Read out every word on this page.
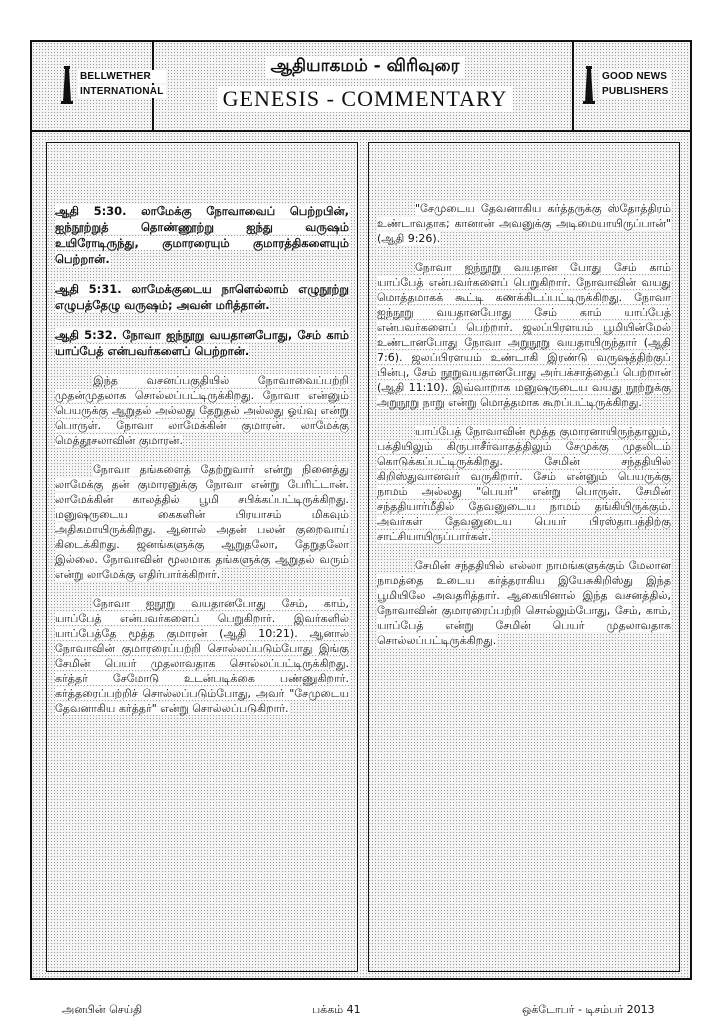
BELLWETHER
INTERNATIONAL
ஆதியாகமம் - விரிவுரை
GENESIS - COMMENTARY
GOOD NEWS
PUBLISHERS

ஆதி 5:30. லாமேக்கு நோவாவைப் பெற்றபின், ஐந்நூற்றுத் தொண்ணூற்று ஐந்து வருஷம் உயிரோடிருந்து, குமாரரையும் குமாரத்திகளையும் பெற்றான்.

ஆதி 5:31. லாமேக்குடைய நாளெல்லாம் எழுநூற்று எழுபத்தேழு வருஷம்; அவன் மரித்தான்.

ஆதி 5:32. நோவா ஐந்நூறு வயதானபோது, சேம் காம் யாப்பேத் என்பவர்களைப் பெற்றான்.

இந்த வசனப்பகுதியில் நோவாவைப்பற்றி முதன்முதலாக சொல்லப்பட்டிருக்கிறது. நோவா என்னும் பெயருக்கு ஆறுதல் அல்லது தேறுதல் அல்லது ஓய்வு என்று பொருள். நோவா லாமேக்கின் குமாரன். லாமேக்கு மெத்தூசலாவின் குமாரன்.

நோவா தங்களைத் தேற்றுவார் என்று நினைத்து லாமேக்கு தன் குமாரனுக்கு நோவா என்று பேரிட்டான். லாமேக்கின் காலத்தில் பூமி சபிக்கப்பட்டிருக்கிறது. மனுஷருடைய கைகளின் பிரயாசம் மிகவும் அதிகமாயிருக்கிறது. ஆனால் அதன் பலன் குறைவாய் கிடைக்கிறது. ஜனங்களுக்கு ஆறுதலோ, தேறுதலோ இல்லை. நோவாவின் மூலமாக தங்களுக்கு ஆறுதல் வரும் என்று லாமேக்கு எதிர்பார்க்கிறார்.

நோவா ஐநூறு வயதானபோது சேம், காம், யாப்பேத் என்பவர்களைப் பெறுகிறார். இவர்களில் யாப்பேத்தே மூத்த குமாரன் (ஆதி 10:21). ஆனால் நோவாவின் குமாரரைப்பற்றி சொல்லப்படும்போது இங்கு சேமின் பெயர் முதலாவதாக சொல்லப்பட்டிருக்கிறது. கர்த்தர் சேமோடு உடன்படிக்கை பண்ணுகிறார். கர்த்தரைப்பற்றிச் சொல்லப்படும்போது, அவர் "சேமுடைய தேவனாகிய கர்த்தர்" என்று சொல்லப்படுகிறார்.

"சேமுடைய தேவனாகிய கர்த்தருக்கு ஸ்தோத்திரம் உண்டாவதாக; கானான் அவனுக்கு அடிமையாயிருப்பான்" (ஆதி 9:26).

நோவா ஐந்நூறு வயதான போது சேம் காம் யாப்பேத் என்பவர்களைப் பெறுகிறார். நோவாவின் வயது மொத்தமாகக் கூட்டி கணக்கிடப்பட்டிருக்கிறது. நோவா ஐந்நூறு வயதானபோது சேம் காம் யாப்பேத் என்பவர்களைப் பெற்றார். ஜலப்பிரளயம் பூமியின்மேல் உண்டானபோது நோவா அறுநூறு வயதாயிருந்தார் (ஆதி 7:6). ஜலப்பிரளயம் உண்டாகி இரண்டு வருஷத்திற்குப் பின்பு, சேம் நூறுவயதானபோது அர்பக்சாத்தைப் பெற்றான் (ஆதி 11:10). இவ்வாறாக மனுஷருடைய வயது நூற்றுக்கு அறுநூறு நாறு என்று மொத்தமாக கூறப்பட்டிருக்கிறது.

யாப்பேத் நோவாவின் மூத்த குமாரனாயிருந்தாலும், பக்தியிலும் கிருபாசீர்வாதத்திலும் சேமுக்கு முதலிடம் கொடுக்கப்பட்டிருக்கிறது. சேமின் சந்ததியில் கிறிஸ்துவானவர் வருகிறார். சேம் என்னும் பெயருக்கு நாமம் அல்லது "பெயர்" என்று பொருள். சேமின் சந்ததியார்மீதில் தேவனுடைய நாமம் தங்கியிருக்கும். அவர்கள் தேவனுடைய பெயர் பிரஸ்தாபத்திற்கு சாட்சியாயிருப்பார்கள்.

சேமின் சந்ததியில் எல்லா நாமங்களுக்கும் மேலான நாமத்தை உடைய கர்த்தராகிய இயேசுகிறிஸ்து இந்த பூமியிலே அவதரித்தார். ஆகையினால் இந்த வசனத்தில், நோவாவின் குமாரரைப்பற்றி சொல்லும்போது, சேம், காம், யாப்பேத் என்று சேமின் பெயர் முதலாவதாக சொல்லப்பட்டிருக்கிறது.

அனபின் செய்தி	பக்கம் 41	ஒக்டோபர் - டிசம்பர் 2013
